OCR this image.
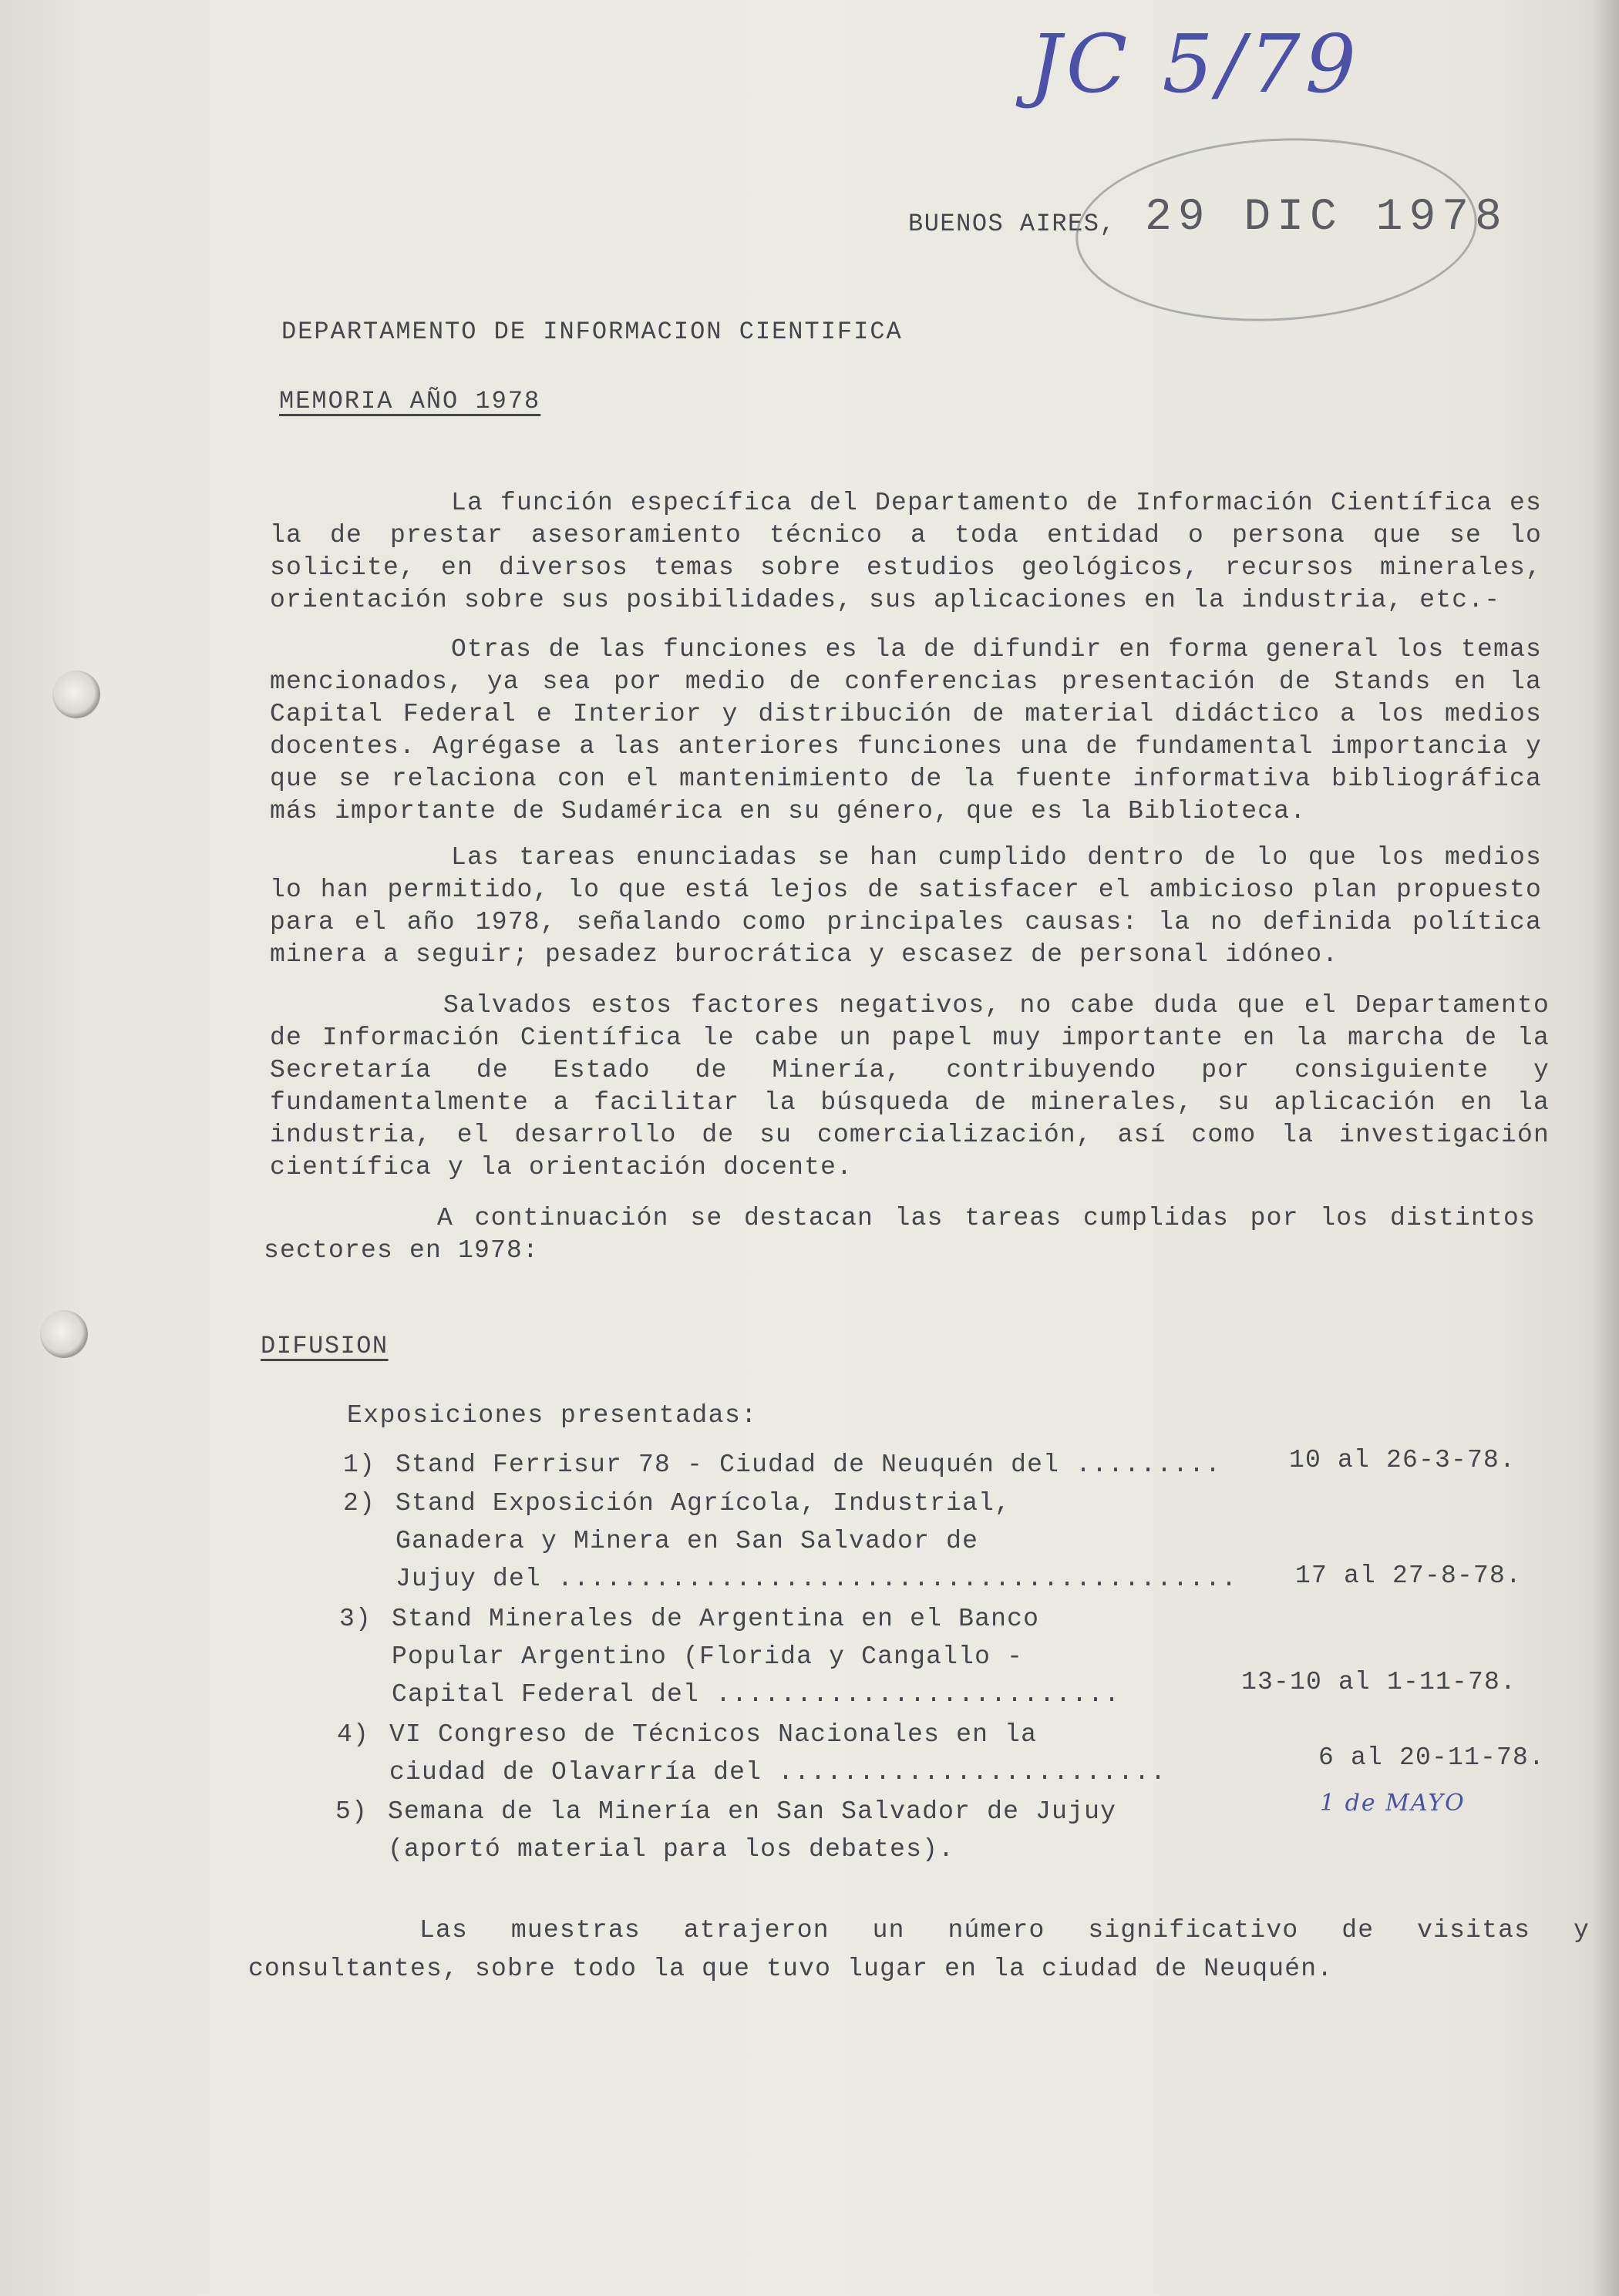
JC 5/79
BUENOS AIRES, 29 DIC 1978
DEPARTAMENTO DE INFORMACION CIENTIFICA
MEMORIA AÑO 1978
La función específica del Departamento de Información Científica es la de prestar asesoramiento técnico a toda entidad o persona que se lo solicite, en diversos temas sobre estudios geológicos, recursos minerales, orientación sobre sus posibilidades, sus aplicaciones en la industria, etc.-
Otras de las funciones es la de difundir en forma general los temas mencionados, ya sea por medio de conferencias presentación de Stands en la Capital Federal e Interior y distribución de material didáctico a los medios docentes. Agrégase a las anteriores funciones una de fundamental importancia y que se relaciona con el mantenimiento de la fuente informativa bibliográfica más importante de Sudamérica en su género, que es la Biblioteca.
Las tareas enunciadas se han cumplido dentro de lo que los medios lo han permitido, lo que está lejos de satisfacer el ambicioso plan propuesto para el año 1978, señalando como principales causas: la no definida política minera a seguir; pesadez burocrática y escasez de personal idóneo.
Salvados estos factores negativos, no cabe duda que el Departamento de Información Científica le cabe un papel muy importante en la marcha de la Secretaría de Estado de Minería, contribuyendo por consiguiente y fundamentalmente a facilitar la búsqueda de minerales, su aplicación en la industria, el desarrollo de su comercialización, así como la investigación científica y la orientación docente.
A continuación se destacan las tareas cumplidas por los distintos sectores en 1978:
DIFUSION
Exposiciones presentadas:
1) Stand Ferrisur 78 - Ciudad de Neuquén del .........	10 al 26-3-78.
2) Stand Exposición Agrícola, Industrial,
Ganadera y Minera en San Salvador de
Jujuy del .......................................... 17 al 27-8-78.
3) Stand Minerales de Argentina en el Banco
Popular Argentino (Florida y Cangallo -
Capital Federal del .........................	13-10 al 1-11-78.
4) VI Congreso de Técnicos Nacionales en la
ciudad de Olavarría del ........................
6 al 20-11-78.
1 de MAYO
5) Semana de la Minería en San Salvador de Jujuy
(aportó material para los debates).
Las muestras atrajeron un número significativo de visitas y consultantes, sobre todo la que tuvo lugar en la ciudad de Neuquén.
